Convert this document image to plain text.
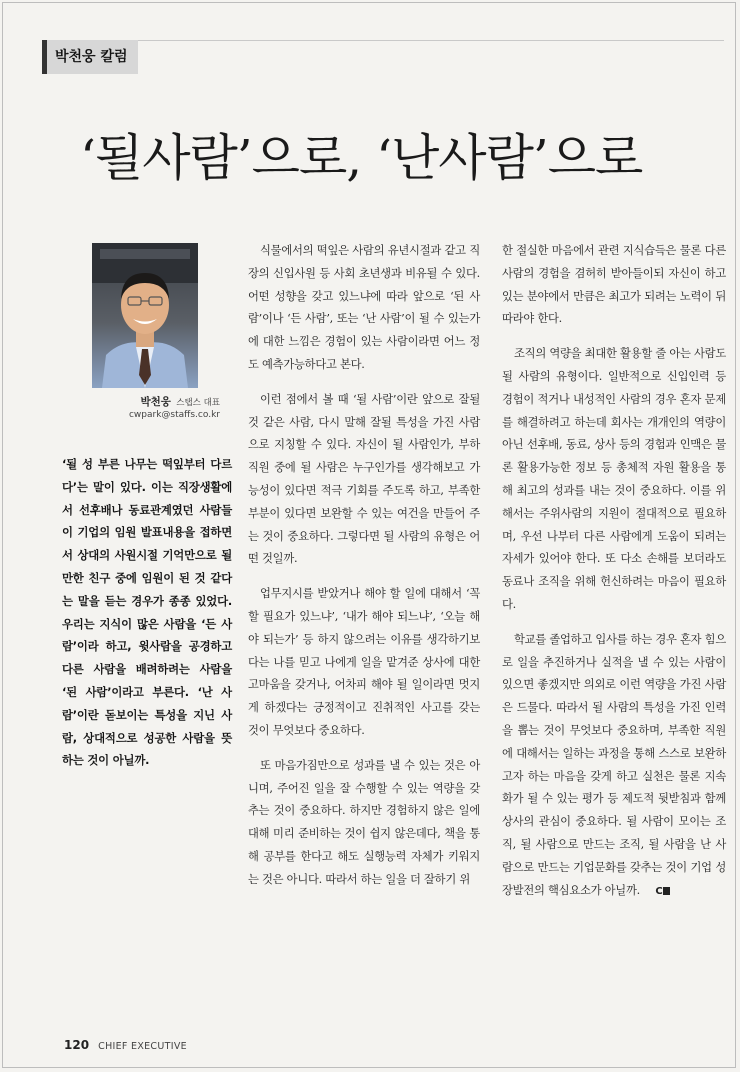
박천웅 칼럼
‘될사람’으로, ‘난사람’으로
박천웅 스탭스 대표
cwpark@staffs.co.kr
‘될 성 부른 나무는 떡잎부터 다르다’는 말이 있다. 이는 직장생활에서 선후배나 동료관계였던 사람들이 기업의 임원 발표내용을 접하면서 상대의 사원시절 기억만으로 될 만한 친구 중에 임원이 된 것 같다는 말을 듣는 경우가 종종 있었다. 우리는 지식이 많은 사람을 ‘든 사람’이라 하고, 윗사람을 공경하고 다른 사람을 배려하려는 사람을 ‘된 사람’이라고 부른다. ‘난 사람’이란 돋보이는 특성을 지닌 사람, 상대적으로 성공한 사람을 뜻하는 것이 아닐까.

식물에서의 떡잎은 사람의 유년시절과 같고 직장의 신입사원 등 사회 초년생과 비유될 수 있다. 어떤 성향을 갖고 있느냐에 따라 앞으로 ‘된 사람’이나 ‘든 사람’, 또는 ‘난 사람’이 될 수 있는가에 대한 느낌은 경험이 있는 사람이라면 어느 정도 예측가능하다고 본다.

이런 점에서 볼 때 ‘될 사람’이란 앞으로 잘될 것 같은 사람, 다시 말해 잘될 특성을 가진 사람으로 지칭할 수 있다. 자신이 될 사람인가, 부하직원 중에 될 사람은 누구인가를 생각해보고 가능성이 있다면 적극 기회를 주도록 하고, 부족한 부분이 있다면 보완할 수 있는 여건을 만들어 주는 것이 중요하다. 그렇다면 될 사람의 유형은 어떤 것일까.

업무지시를 받았거나 해야 할 일에 대해서 ‘꼭 할 필요가 있느냐’, ‘내가 해야 되느냐’, ‘오늘 해야 되는가’ 등 하지 않으려는 이유를 생각하기보다는 나를 믿고 나에게 일을 맡겨준 상사에 대한 고마움을 갖거나, 어차피 해야 될 일이라면 멋지게 하겠다는 긍정적이고 진취적인 사고를 갖는 것이 무엇보다 중요하다.

또 마음가짐만으로 성과를 낼 수 있는 것은 아니며, 주어진 일을 잘 수행할 수 있는 역량을 갖추는 것이 중요하다. 하지만 경험하지 않은 일에 대해 미리 준비하는 것이 쉽지 않은데다, 책을 통해 공부를 한다고 해도 실행능력 자체가 키워지는 것은 아니다. 따라서 하는 일을 더 잘하기 위

한 절실한 마음에서 관련 지식습득은 물론 다른 사람의 경험을 겸허히 받아들이되 자신이 하고 있는 분야에서 만큼은 최고가 되려는 노력이 뒤따라야 한다.

조직의 역량을 최대한 활용할 줄 아는 사람도 될 사람의 유형이다. 일반적으로 신입인력 등 경험이 적거나 내성적인 사람의 경우 혼자 문제를 해결하려고 하는데 회사는 개개인의 역량이 아닌 선후배, 동료, 상사 등의 경험과 인맥은 물론 활용가능한 정보 등 총체적 자원 활용을 통해 최고의 성과를 내는 것이 중요하다. 이를 위해서는 주위사람의 지원이 절대적으로 필요하며, 우선 나부터 다른 사람에게 도움이 되려는 자세가 있어야 한다. 또 다소 손해를 보더라도 동료나 조직을 위해 헌신하려는 마음이 필요하다.

학교를 졸업하고 입사를 하는 경우 혼자 힘으로 일을 추진하거나 실적을 낼 수 있는 사람이 있으면 좋겠지만 의외로 이런 역량을 가진 사람은 드물다. 따라서 될 사람의 특성을 가진 인력을 뽑는 것이 무엇보다 중요하며, 부족한 직원에 대해서는 일하는 과정을 통해 스스로 보완하고자 하는 마음을 갖게 하고 실천은 물론 지속화가 될 수 있는 평가 등 제도적 뒷받침과 함께 상사의 관심이 중요하다. 될 사람이 모이는 조직, 될 사람으로 만드는 조직, 될 사람을 난 사람으로 만드는 기업문화를 갖추는 것이 기업 성장발전의 핵심요소가 아닐까. C

120 CHIEF EXECUTIVE
